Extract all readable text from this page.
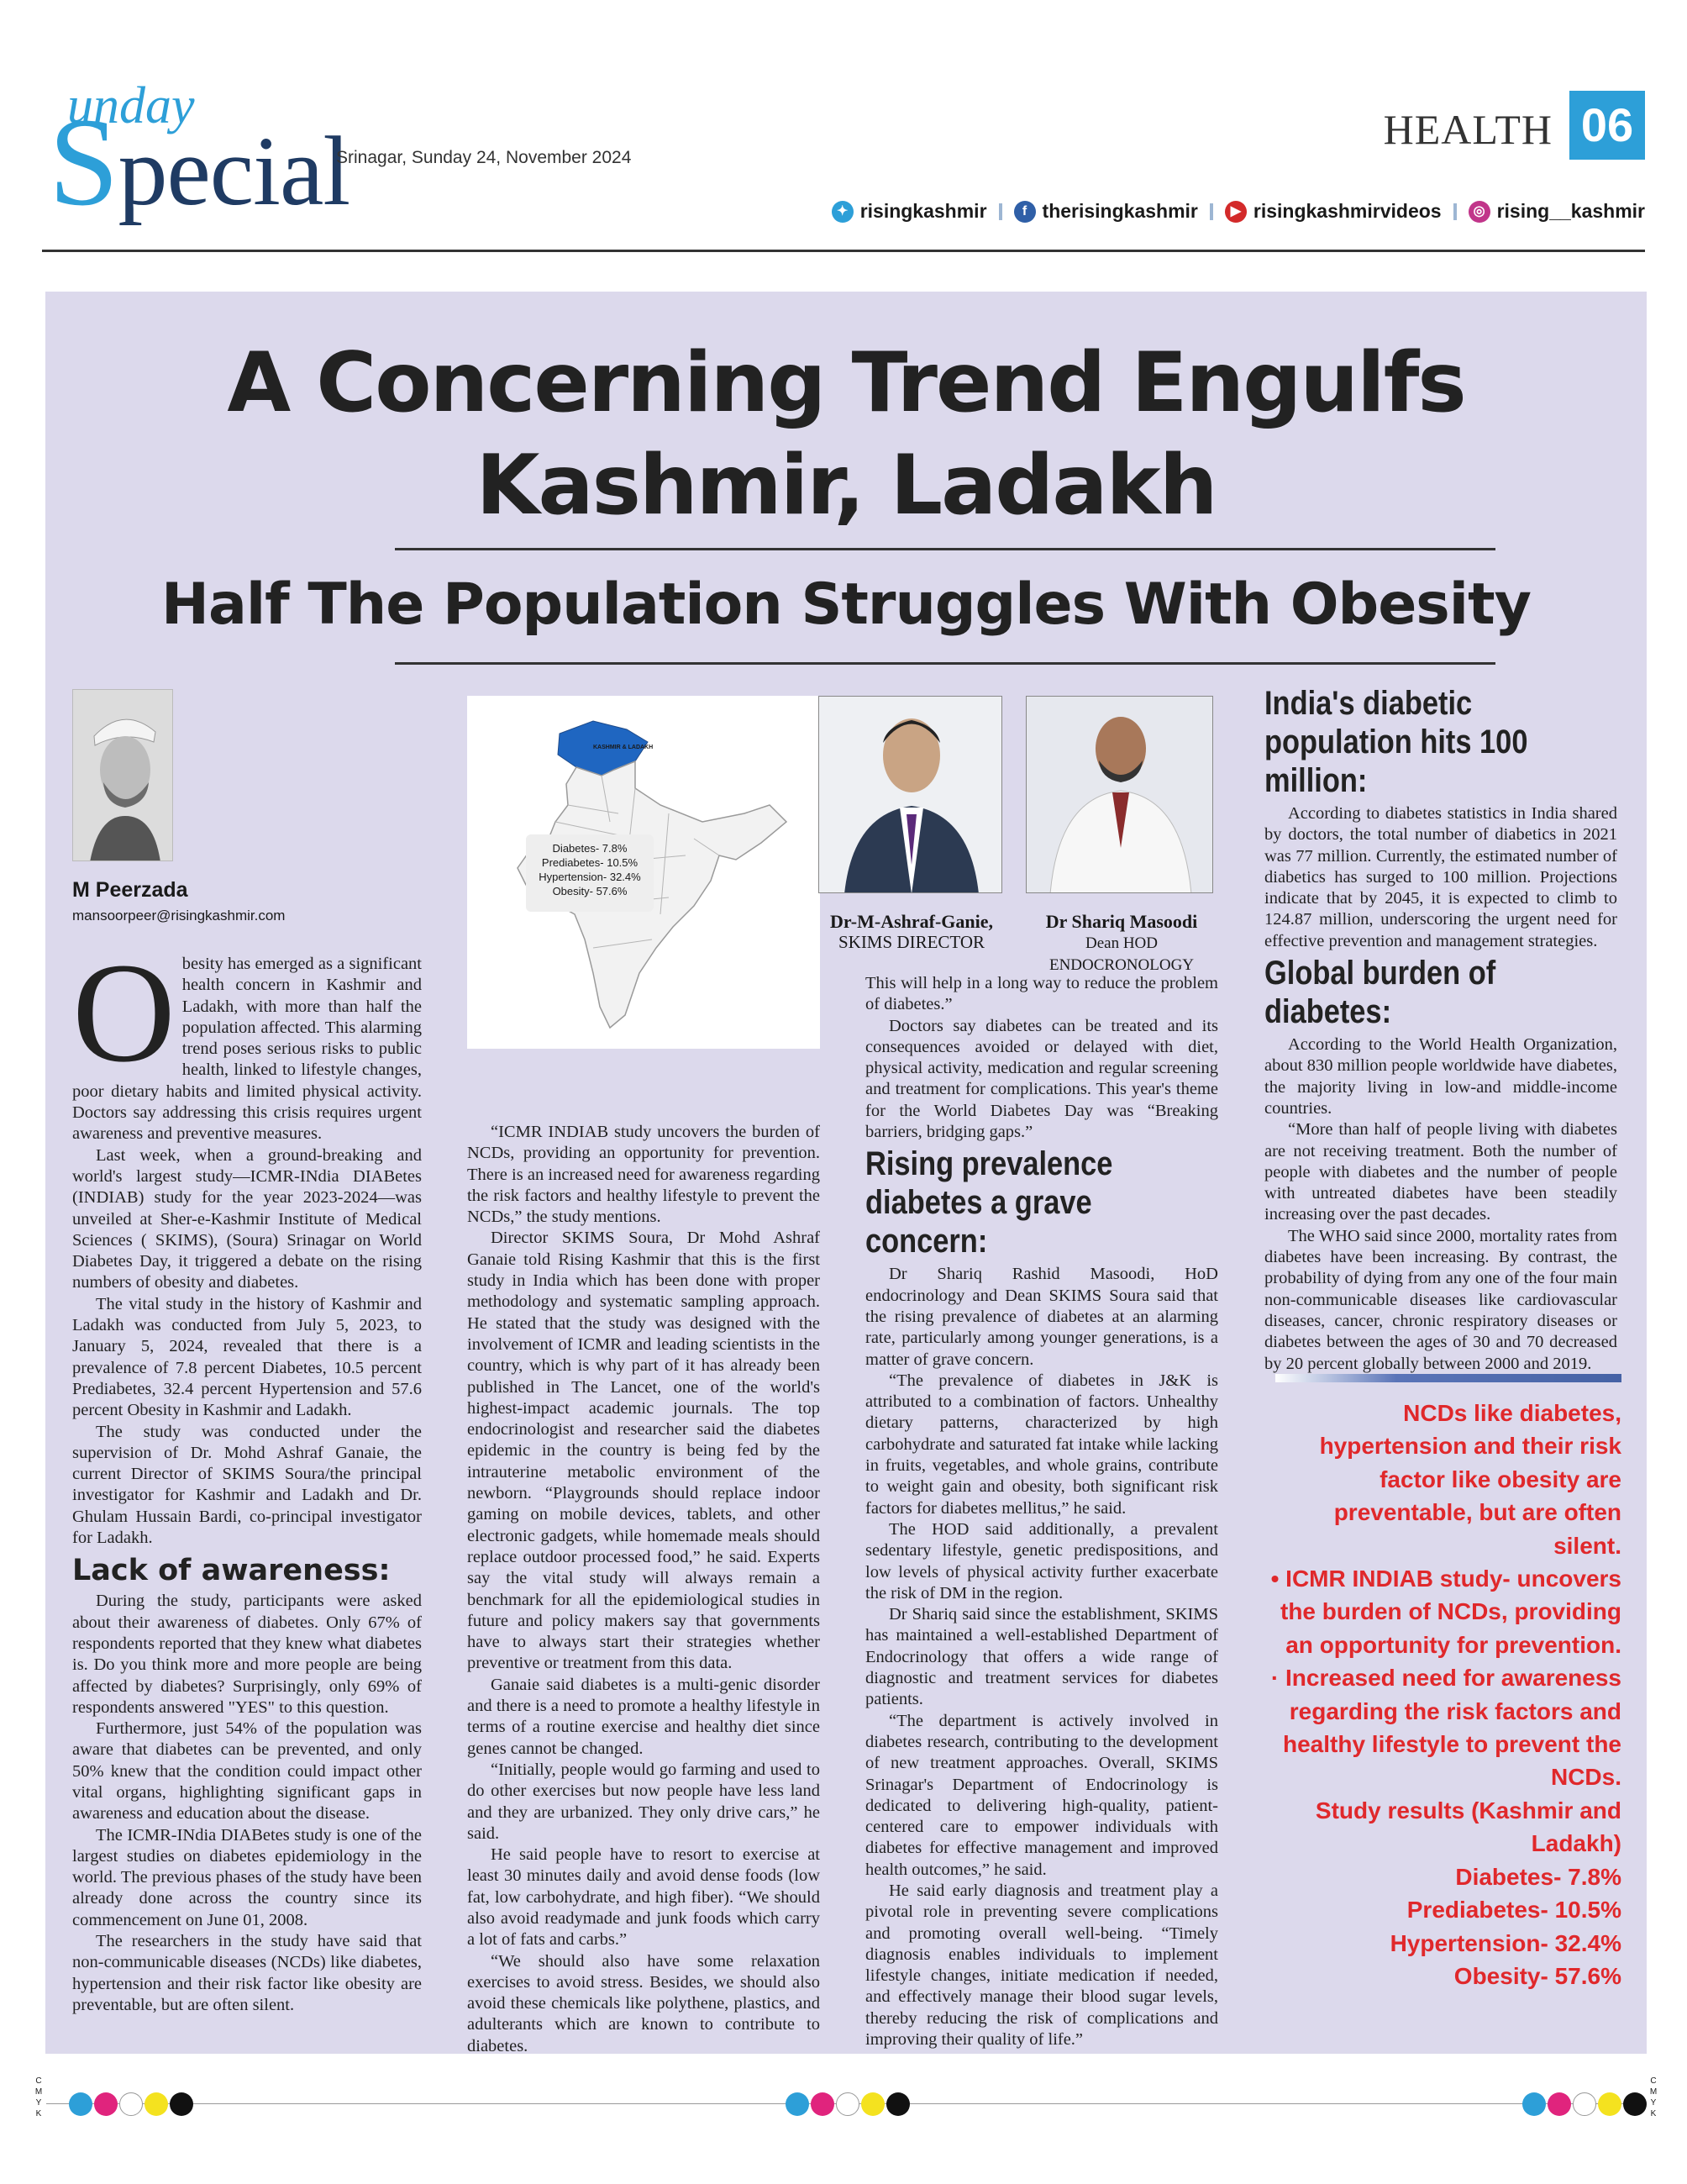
unday
Special
Srinagar, Sunday 24, November 2024
HEALTH 06
✦ risingkashmir	f therisingkashmir	▶ risingkashmirvideos	◎ rising__kashmir
A Concerning Trend Engulfs
Kashmir, Ladakh
Half The Population Struggles With Obesity
M Peerzada
mansoorpeer@risingkashmir.com

Obesity has emerged as a significant health concern in Kashmir and Ladakh, with more than half the population affected. This alarming trend poses serious risks to public health, linked to lifestyle changes, poor dietary habits and limited physical activity. Doctors say addressing this crisis requires urgent awareness and preventive measures.

Last week, when a ground-breaking and world's largest study—ICMR-INdia DIABetes (INDIAB) study for the year 2023-2024—was unveiled at Sher-e-Kashmir Institute of Medical Sciences ( SKIMS), (Soura) Srinagar on World Diabetes Day, it triggered a debate on the rising numbers of obesity and diabetes.

The vital study in the history of Kashmir and Ladakh was conducted from July 5, 2023, to January 5, 2024, revealed that there is a prevalence of 7.8 percent Diabetes, 10.5 percent Prediabetes, 32.4 percent Hypertension and 57.6 percent Obesity in Kashmir and Ladakh.

The study was conducted under the supervision of Dr. Mohd Ashraf Ganaie, the current Director of SKIMS Soura/the principal investigator for Kashmir and Ladakh and Dr. Ghulam Hussain Bardi, co-principal investigator for Ladakh.

Lack of awareness:

During the study, participants were asked about their awareness of diabetes. Only 67% of respondents reported that they knew what diabetes is. Do you think more and more people are being affected by diabetes? Surprisingly, only 69% of respondents answered "YES" to this question.

Furthermore, just 54% of the population was aware that diabetes can be prevented, and only 50% knew that the condition could impact other vital organs, highlighting significant gaps in awareness and education about the disease.

The ICMR-INdia DIABetes study is one of the largest studies on diabetes epidemiology in the world. The previous phases of the study have been already done across the country since its commencement on June 01, 2008.

The researchers in the study have said that non-communicable diseases (NCDs) like diabetes, hypertension and their risk factor like obesity are preventable, but are often silent.

KASHMIR & LADAKH
Diabetes- 7.8%
Prediabetes- 10.5%
Hypertension- 32.4%
Obesity- 57.6%

“ICMR INDIAB study uncovers the burden of NCDs, providing an opportunity for prevention. There is an increased need for awareness regarding the risk factors and healthy lifestyle to prevent the NCDs,” the study mentions.

Director SKIMS Soura, Dr Mohd Ashraf Ganaie told Rising Kashmir that this is the first study in India which has been done with proper methodology and systematic sampling approach. He stated that the study was designed with the involvement of ICMR and leading scientists in the country, which is why part of it has already been published in The Lancet, one of the world's highest-impact academic journals. The top endocrinologist and researcher said the diabetes epidemic in the country is being fed by the intrauterine metabolic environment of the newborn. “Playgrounds should replace indoor gaming on mobile devices, tablets, and other electronic gadgets, while homemade meals should replace outdoor processed food,” he said. Experts say the vital study will always remain a benchmark for all the epidemiological studies in future and policy makers say that governments have to always start their strategies whether preventive or treatment from this data.

Ganaie said diabetes is a multi-genic disorder and there is a need to promote a healthy lifestyle in terms of a routine exercise and healthy diet since genes cannot be changed.

“Initially, people would go farming and used to do other exercises but now people have less land and they are urbanized. They only drive cars,” he said.

He said people have to resort to exercise at least 30 minutes daily and avoid dense foods (low fat, low carbohydrate, and high fiber). “We should also avoid readymade and junk foods which carry a lot of fats and carbs.”

“We should also have some relaxation exercises to avoid stress. Besides, we should also avoid these chemicals like polythene, plastics, and adulterants which are known to contribute to diabetes.

Dr-M-Ashraf-Ganie,
SKIMS DIRECTOR
Dr Shariq Masoodi
Dean HOD ENDOCRONOLOGY

This will help in a long way to reduce the problem of diabetes.”

Doctors say diabetes can be treated and its consequences avoided or delayed with diet, physical activity, medication and regular screening and treatment for complications. This year's theme for the World Diabetes Day was “Breaking barriers, bridging gaps.”

Rising prevalence diabetes a grave concern:

Dr Shariq Rashid Masoodi, HoD endocrinology and Dean SKIMS Soura said that the rising prevalence of diabetes at an alarming rate, particularly among younger generations, is a matter of grave concern.

“The prevalence of diabetes in J&K is attributed to a combination of factors. Unhealthy dietary patterns, characterized by high carbohydrate and saturated fat intake while lacking in fruits, vegetables, and whole grains, contribute to weight gain and obesity, both significant risk factors for diabetes mellitus,” he said.

The HOD said additionally, a prevalent sedentary lifestyle, genetic predispositions, and low levels of physical activity further exacerbate the risk of DM in the region.

Dr Shariq said since the establishment, SKIMS has maintained a well-established Department of Endocrinology that offers a wide range of diagnostic and treatment services for diabetes patients.

“The department is actively involved in diabetes research, contributing to the development of new treatment approaches. Overall, SKIMS Srinagar's Department of Endocrinology is dedicated to delivering high-quality, patient-centered care to empower individuals with diabetes for effective management and improved health outcomes,” he said.

He said early diagnosis and treatment play a pivotal role in preventing severe complications and promoting overall well-being. “Timely diagnosis enables individuals to implement lifestyle changes, initiate medication if needed, and effectively manage their blood sugar levels, thereby reducing the risk of complications and improving their quality of life.”

India's diabetic population hits 100 million:

According to diabetes statistics in India shared by doctors, the total number of diabetics in 2021 was 77 million. Currently, the estimated number of diabetics has surged to 100 million. Projections indicate that by 2045, it is expected to climb to 124.87 million, underscoring the urgent need for effective prevention and management strategies.

Global burden of diabetes:

According to the World Health Organization, about 830 million people worldwide have diabetes, the majority living in low-and middle-income countries.

“More than half of people living with diabetes are not receiving treatment. Both the number of people with diabetes and the number of people with untreated diabetes have been steadily increasing over the past decades.

The WHO said since 2000, mortality rates from diabetes have been increasing. By contrast, the probability of dying from any one of the four main non-communicable diseases like cardiovascular diseases, cancer, chronic respiratory diseases or diabetes between the ages of 30 and 70 decreased by 20 percent globally between 2000 and 2019.

NCDs like diabetes, hypertension and their risk factor like obesity are preventable, but are often silent.
• ICMR INDIAB study- uncovers the burden of NCDs, providing an opportunity for prevention.
· Increased need for awareness regarding the risk factors and healthy lifestyle to prevent the NCDs.
Study results (Kashmir and Ladakh)
Diabetes- 7.8%
Prediabetes- 10.5%
Hypertension- 32.4%
Obesity- 57.6%
C
M
Y
K
C
M
Y
K
